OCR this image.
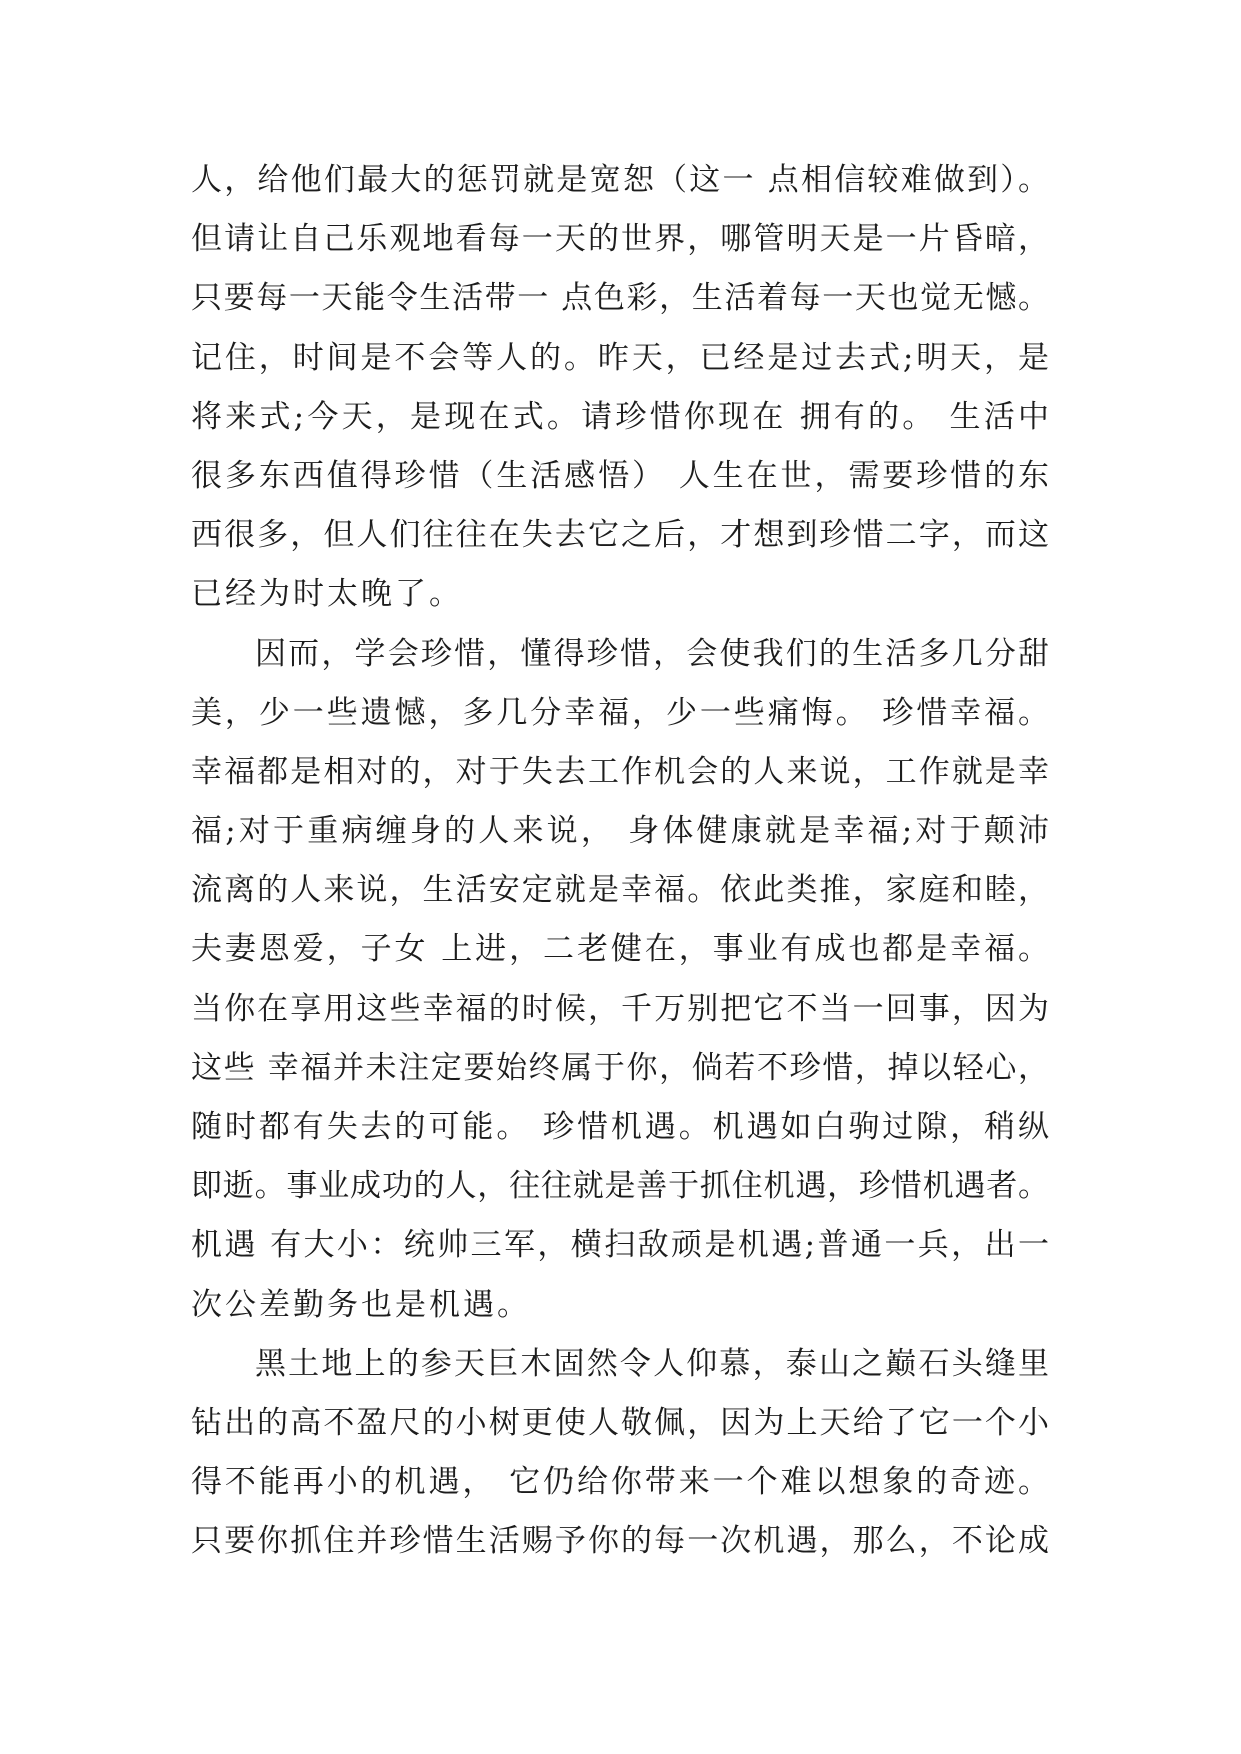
人，给他们最大的惩罚就是宽恕（这一 点相信较难做到）。
但请让自己乐观地看每一天的世界，哪管明天是一片昏暗，
只要每一天能令生活带一 点色彩，生活着每一天也觉无憾。
记住，时间是不会等人的。昨天，已经是过去式;明天，是
将来式;今天，是现在式。请珍惜你现在 拥有的。 生活中
很多东西值得珍惜（生活感悟） 人生在世，需要珍惜的东
西很多，但人们往往在失去它之后，才想到珍惜二字，而这
已经为时太晚了。
因而，学会珍惜，懂得珍惜，会使我们的生活多几分甜
美，少一些遗憾，多几分幸福，少一些痛悔。 珍惜幸福。
幸福都是相对的，对于失去工作机会的人来说，工作就是幸
福;对于重病缠身的人来说， 身体健康就是幸福;对于颠沛
流离的人来说，生活安定就是幸福。依此类推，家庭和睦，
夫妻恩爱，子女 上进，二老健在，事业有成也都是幸福。
当你在享用这些幸福的时候，千万别把它不当一回事，因为
这些 幸福并未注定要始终属于你，倘若不珍惜，掉以轻心，
随时都有失去的可能。 珍惜机遇。机遇如白驹过隙，稍纵
即逝。事业成功的人，往往就是善于抓住机遇，珍惜机遇者。
机遇 有大小：统帅三军，横扫敌顽是机遇;普通一兵，出一
次公差勤务也是机遇。
黑土地上的参天巨木固然令人仰慕，泰山之巅石头缝里
钻出的高不盈尺的小树更使人敬佩，因为上天给了它一个小
得不能再小的机遇， 它仍给你带来一个难以想象的奇迹。
只要你抓住并珍惜生活赐予你的每一次机遇，那么，不论成
